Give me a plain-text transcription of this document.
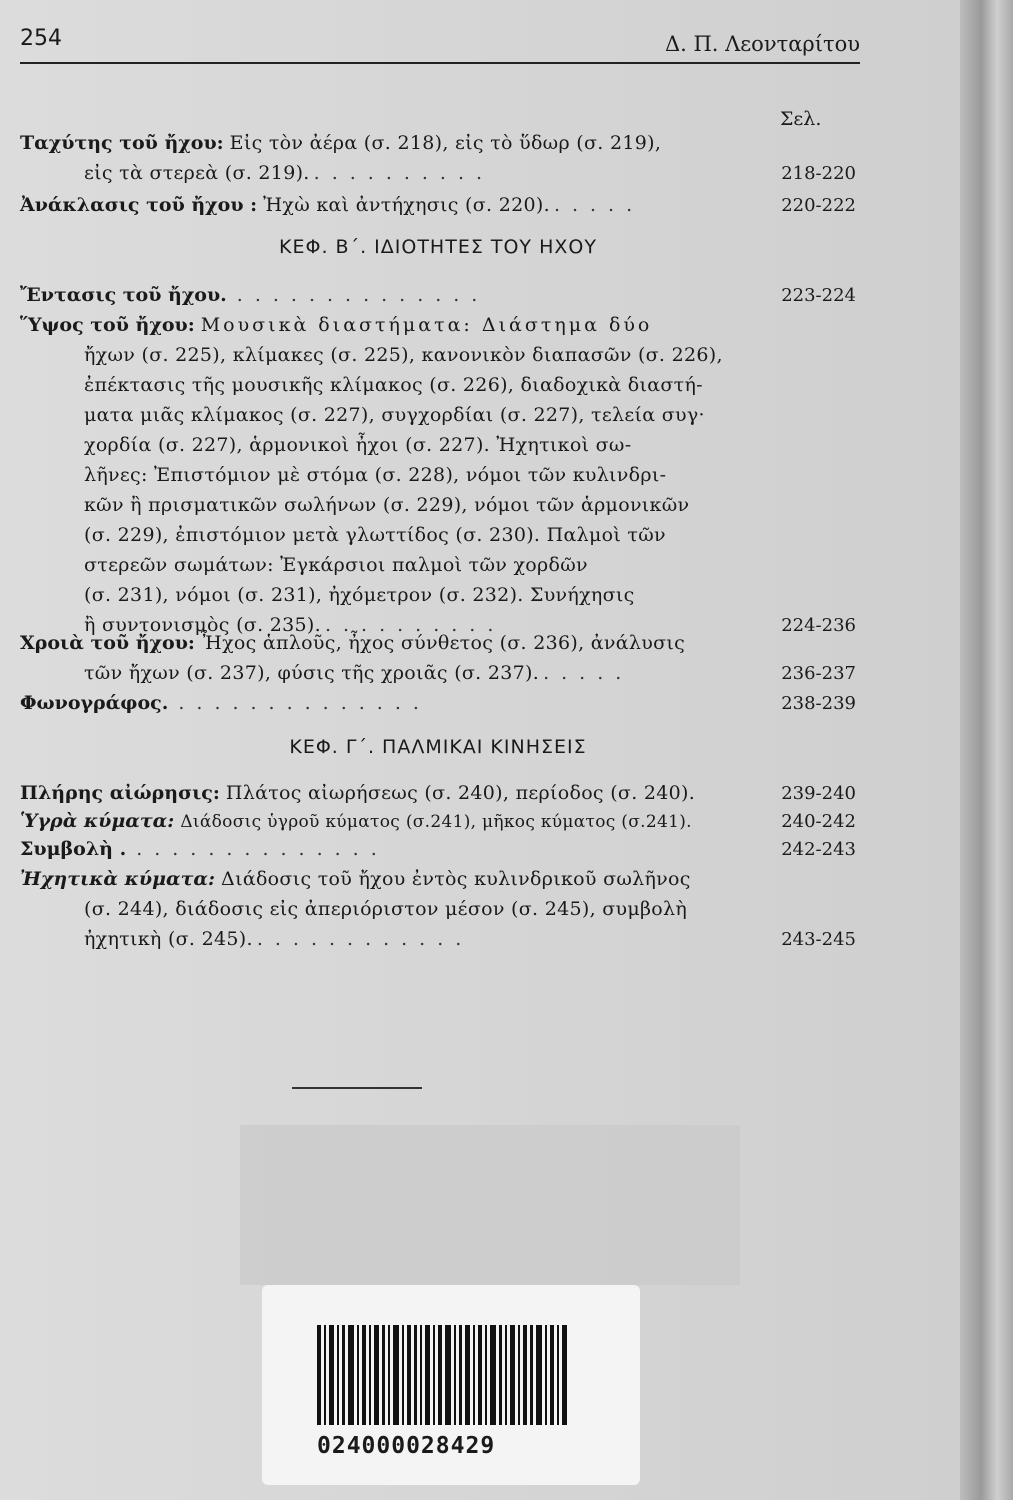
254	Δ. Π. Λεονταρίτου
Σελ.
Ταχύτης τοῦ ἤχου: Εἰς τὸν ἀέρα (σ. 218), εἰς τὸ ὕδωρ (σ. 219),
εἰς τὰ στερεὰ (σ. 219). ..........	218-220
Ἀνάκλασις τοῦ ἤχου : Ἠχὼ καὶ ἀντήχησις (σ. 220). .....	220-222
ΚΕΦ. Β΄. ΙΔΙΟΤΗΤΕΣ ΤΟΥ ΗΧΟΥ
Ἔντασις τοῦ ἤχου. ..............	223-224
Ὕψος τοῦ ἤχου: Μουσικὰ διαστήματα: Διάστημα δύο
ἤχων (σ. 225), κλίμακες (σ. 225), κανονικὸν διαπασῶν (σ. 226),
ἐπέκτασις τῆς μουσικῆς κλίμακος (σ. 226), διαδοχικὰ διαστή-
ματα μιᾶς κλίμακος (σ. 227), συγχορδίαι (σ. 227), τελεία συγ·
χορδία (σ. 227), ἁρμονικοὶ ἦχοι (σ. 227). Ἠχητικοὶ σω-
λῆνες: Ἐπιστόμιον μὲ στόμα (σ. 228), νόμοι τῶν κυλινδρι-
κῶν ἢ πρισματικῶν σωλήνων (σ. 229), νόμοι τῶν ἁρμονικῶν
(σ. 229), ἐπιστόμιον μετὰ γλωττίδος (σ. 230). Παλμοὶ τῶν
στερεῶν σωμάτων: Ἐγκάρσιοι παλμοὶ τῶν χορδῶν
(σ. 231), νόμοι (σ. 231), ἠχόμετρον (σ. 232). Συνήχησις
ἢ συντονισμὸς (σ. 235). ..........	224-236
Χροιὰ τοῦ ἤχου: Ἦχος ἁπλοῦς, ἦχος σύνθετος (σ. 236), ἀνάλυσις
τῶν ἤχων (σ. 237), φύσις τῆς χροιᾶς (σ. 237). .....	236-237
Φωνογράφος. ..............	238-239
ΚΕΦ. Γ΄. ΠΑΛΜΙΚΑΙ ΚΙΝΗΣΕΙΣ
Πλήρης αἰώρησις: Πλάτος αἰωρήσεως (σ. 240), περίοδος (σ. 240).	239-240
Ὑγρὰ κύματα: Διάδοσις ὑγροῦ κύματος (σ.241), μῆκος κύματος (σ.241).	240-242
Συμβολὴ . ..............	242-243
Ἠχητικὰ κύματα: Διάδοσις τοῦ ἤχου ἐντὸς κυλινδρικοῦ σωλῆνος
(σ. 244), διάδοσις εἰς ἀπεριόριστον μέσον (σ. 245), συμβολὴ
ἠχητικὴ (σ. 245). ............	243-245
024000028429
